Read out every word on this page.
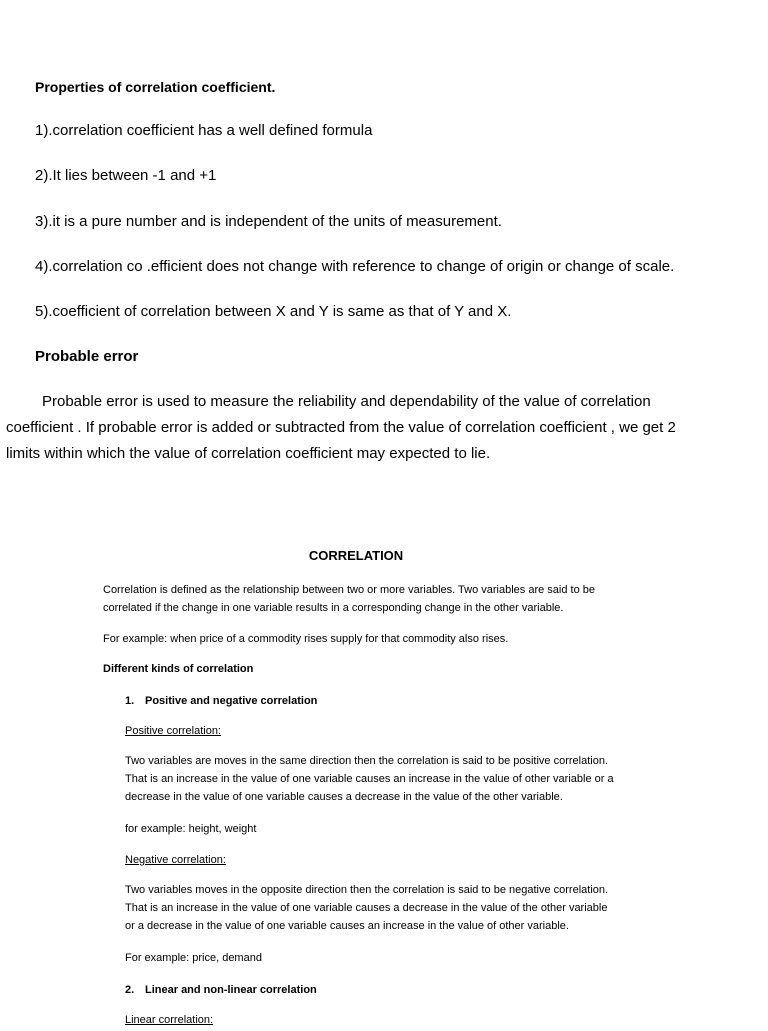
Properties of correlation coefficient.
1).correlation coefficient has a well defined formula
2).It lies between -1 and +1
3).it is a pure number and is independent of the units of measurement.
4).correlation co .efficient does not change with reference to change of origin or change of scale.
5).coefficient of correlation between X and Y is same as that of Y and X.
Probable error
Probable error is used to measure the reliability and dependability of the value of correlation
coefficient . If probable error is added or subtracted from the value of correlation coefficient , we get 2
limits within which the value of correlation coefficient may expected to lie.
CORRELATION
Correlation is defined as the relationship between two or more variables. Two variables are said to be
correlated if the change in one variable results in a corresponding change in the other variable.
For example: when price of a commodity rises supply for that commodity also rises.
Different kinds of correlation
1. Positive and negative correlation
Positive correlation:
Two variables are moves in the same direction then the correlation is said to be positive correlation.
That is an increase in the value of one variable causes an increase in the value of other variable or a
decrease in the value of one variable causes a decrease in the value of the other variable.
for example: height, weight
Negative correlation:
Two variables moves in the opposite direction then the correlation is said to be negative correlation.
That is an increase in the value of one variable causes a decrease in the value of the other variable
or a decrease in the value of one variable causes an increase in the value of other variable.
For example: price, demand
2. Linear and non-linear correlation
Linear correlation:
